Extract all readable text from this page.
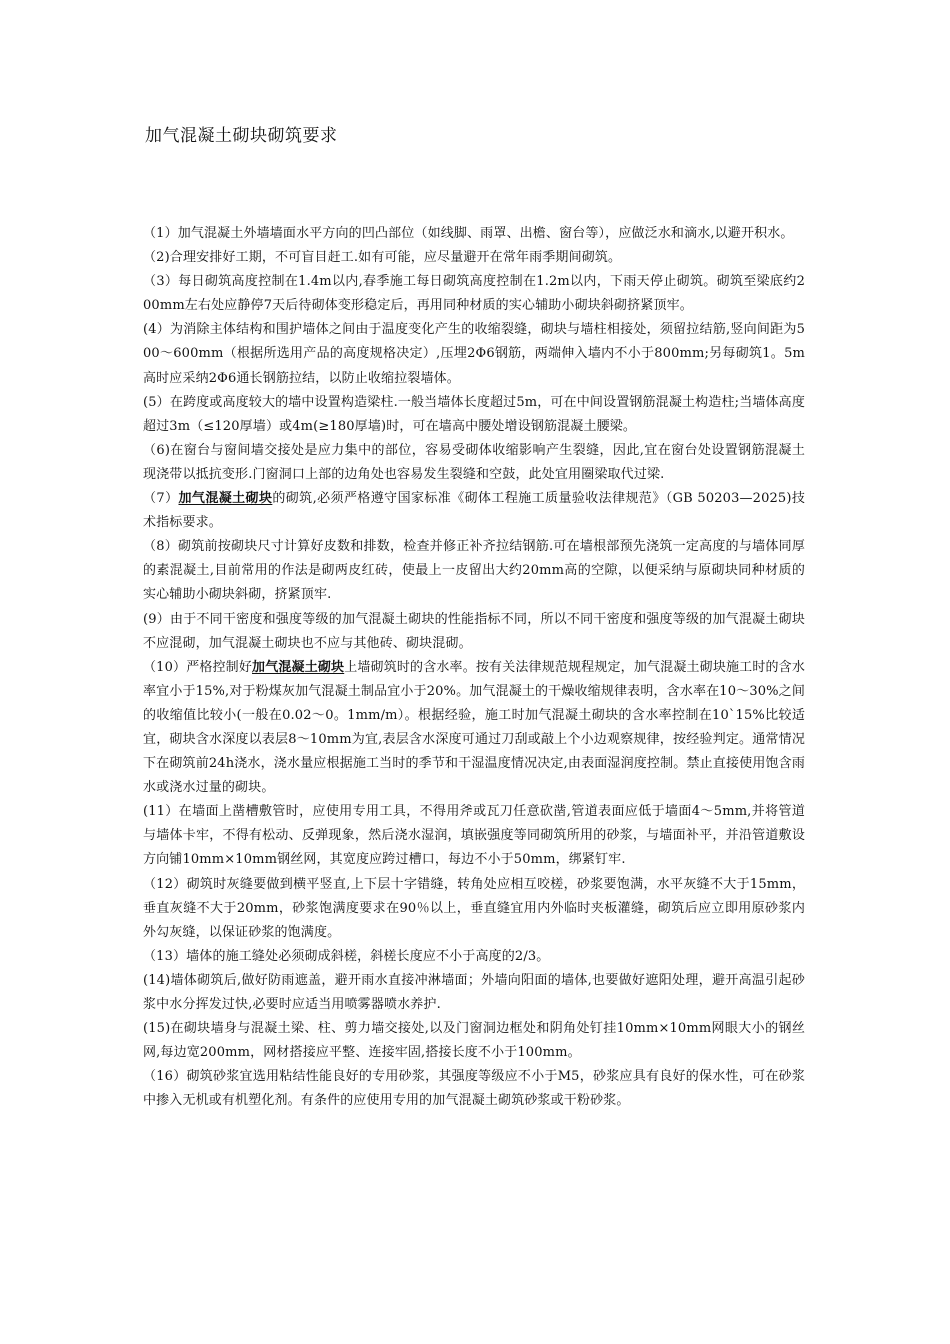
加气混凝土砌块砌筑要求

（1）加气混凝土外墙墙面水平方向的凹凸部位（如线脚、雨罩、出檐、窗台等），应做泛水和滴水,以避开积水。

（2)合理安排好工期，不可盲目赶工.如有可能，应尽量避开在常年雨季期间砌筑。

（3）每日砌筑高度控制在1.4m以内,春季施工每日砌筑高度控制在1.2m以内，下雨天停止砌筑。砌筑至梁底约200mm左右处应静停7天后待砌体变形稳定后，再用同种材质的实心辅助小砌块斜砌挤紧顶牢。

(4）为消除主体结构和围护墙体之间由于温度变化产生的收缩裂缝，砌块与墙柱相接处，须留拉结筋,竖向间距为500～600mm（根据所选用产品的高度规格决定）,压埋2Φ6钢筋，两端伸入墙内不小于800mm;另每砌筑1。5m高时应采纳2Φ6通长钢筋拉结，以防止收缩拉裂墙体。

(5）在跨度或高度较大的墙中设置构造梁柱.一般当墙体长度超过5m，可在中间设置钢筋混凝土构造柱;当墙体高度超过3m（≤120厚墙）或4m(≥180厚墙)时，可在墙高中腰处增设钢筋混凝土腰梁。

（6)在窗台与窗间墙交接处是应力集中的部位，容易受砌体收缩影响产生裂缝，因此,宜在窗台处设置钢筋混凝土现浇带以抵抗变形.门窗洞口上部的边角处也容易发生裂缝和空鼓，此处宜用圈梁取代过梁.

（7）加气混凝土砌块的砌筑,必须严格遵守国家标准《砌体工程施工质量验收法律规范》（GB 50203—2025)技术指标要求。

（8）砌筑前按砌块尺寸计算好皮数和排数，检查并修正补齐拉结钢筋.可在墙根部预先浇筑一定高度的与墙体同厚的素混凝土,目前常用的作法是砌两皮红砖，使最上一皮留出大约20mm高的空隙，以便采纳与原砌块同种材质的实心辅助小砌块斜砌，挤紧顶牢.

(9）由于不同干密度和强度等级的加气混凝土砌块的性能指标不同，所以不同干密度和强度等级的加气混凝土砌块不应混砌，加气混凝土砌块也不应与其他砖、砌块混砌。

（10）严格控制好加气混凝土砌块上墙砌筑时的含水率。按有关法律规范规程规定，加气混凝土砌块施工时的含水率宜小于15%,对于粉煤灰加气混凝土制品宜小于20%。加气混凝土的干燥收缩规律表明，含水率在10～30%之间的收缩值比较小(一般在0.02～0。1mm/m）。根据经验，施工时加气混凝土砌块的含水率控制在10`15%比较适宜，砌块含水深度以表层8～10mm为宜,表层含水深度可通过刀刮或敲上个小边观察规律，按经验判定。通常情况下在砌筑前24h浇水，浇水量应根据施工当时的季节和干湿温度情况决定,由表面湿润度控制。禁止直接使用饱含雨水或浇水过量的砌块。

(11）在墙面上凿槽敷管时，应使用专用工具，不得用斧或瓦刀任意砍凿,管道表面应低于墙面4～5mm,并将管道与墙体卡牢，不得有松动、反弹现象，然后浇水湿润，填嵌强度等同砌筑所用的砂浆，与墙面补平，并沿管道敷设方向铺10mm×10mm钢丝网，其宽度应跨过槽口，每边不小于50mm，绑紧钉牢.

（12）砌筑时灰缝要做到横平竖直,上下层十字错缝，转角处应相互咬槎，砂浆要饱满，水平灰缝不大于15mm，垂直灰缝不大于20mm，砂浆饱满度要求在90％以上，垂直缝宜用内外临时夹板灌缝，砌筑后应立即用原砂浆内外勾灰缝，以保证砂浆的饱满度。

（13）墙体的施工缝处必须砌成斜槎，斜槎长度应不小于高度的2/3。

(14)墙体砌筑后,做好防雨遮盖，避开雨水直接冲淋墙面；外墙向阳面的墙体,也要做好遮阳处理，避开高温引起砂浆中水分挥发过快,必要时应适当用喷雾器喷水养护.

(15)在砌块墙身与混凝土梁、柱、剪力墙交接处,以及门窗洞边框处和阴角处钉挂10mm×10mm网眼大小的钢丝网,每边宽200mm，网材搭接应平整、连接牢固,搭接长度不小于100mm。

（16）砌筑砂浆宜选用粘结性能良好的专用砂浆，其强度等级应不小于M5，砂浆应具有良好的保水性，可在砂浆中掺入无机或有机塑化剂。有条件的应使用专用的加气混凝土砌筑砂浆或干粉砂浆。
